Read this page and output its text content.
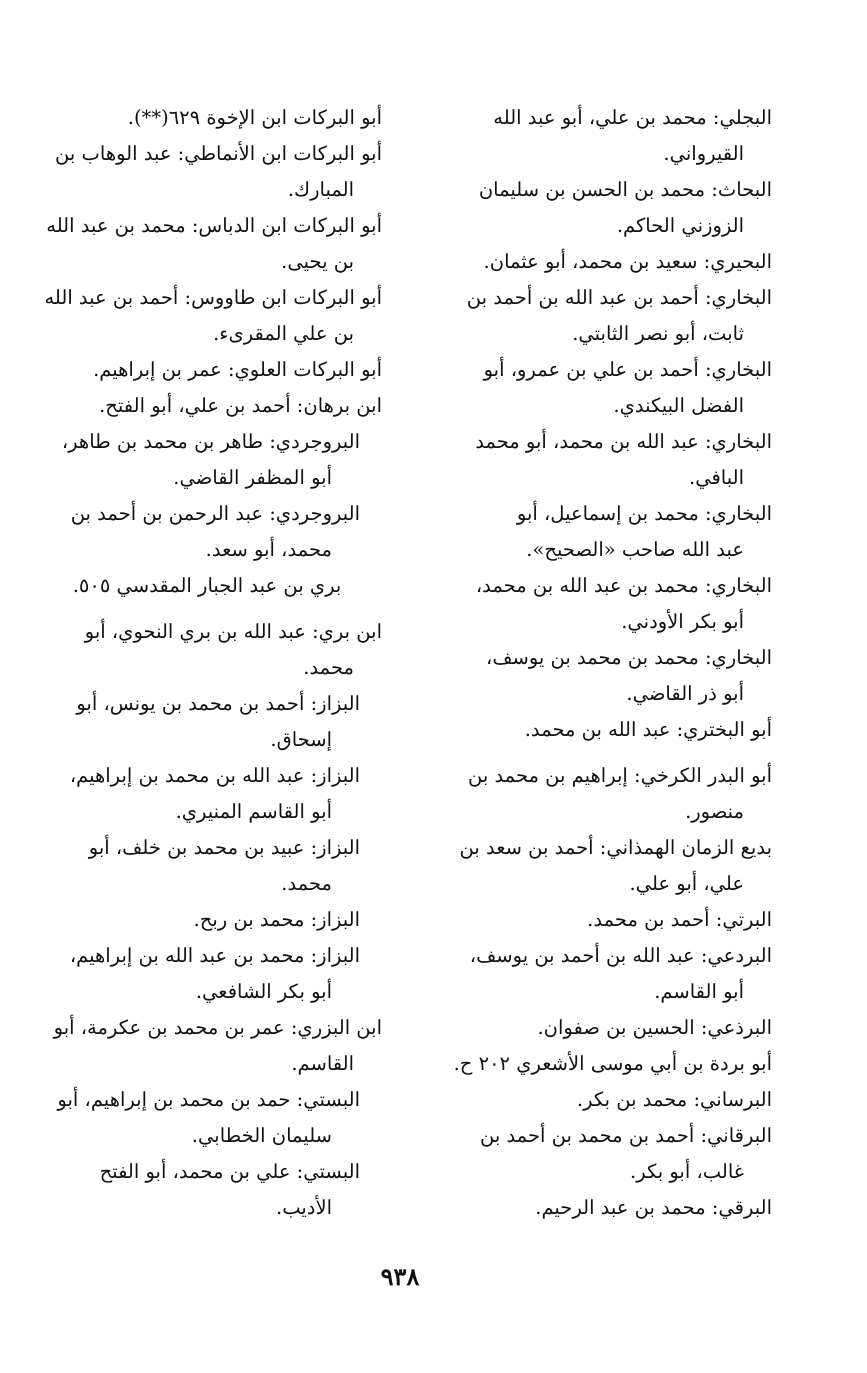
البجلي: محمد بن علي، أبو عبد الله
القيرواني.
البحاث: محمد بن الحسن بن سليمان
الزوزني الحاكم.
البحيري: سعيد بن محمد، أبو عثمان.
البخاري: أحمد بن عبد الله بن أحمد بن
ثابت، أبو نصر الثابتي.
البخاري: أحمد بن علي بن عمرو، أبو
الفضل البيكندي.
البخاري: عبد الله بن محمد، أبو محمد
البافي.
البخاري: محمد بن إسماعيل، أبو
عبد الله صاحب «الصحيح».
البخاري: محمد بن عبد الله بن محمد،
أبو بكر الأودني.
البخاري: محمد بن محمد بن يوسف،
أبو ذر القاضي.
أبو البختري: عبد الله بن محمد.
أبو البدر الكرخي: إبراهيم بن محمد بن
منصور.
بديع الزمان الهمذاني: أحمد بن سعد بن
علي، أبو علي.
البرتي: أحمد بن محمد.
البردعي: عبد الله بن أحمد بن يوسف،
أبو القاسم.
البرذعي: الحسين بن صفوان.
أبو بردة بن أبي موسى الأشعري ٢٠٢ ح.
البرساني: محمد بن بكر.
البرقاني: أحمد بن محمد بن أحمد بن
غالب، أبو بكر.
البرقي: محمد بن عبد الرحيم.
أبو البركات ابن الإخوة ٦٢٩(**).
أبو البركات ابن الأنماطي: عبد الوهاب بن
المبارك.
أبو البركات ابن الدباس: محمد بن عبد الله
بن يحيى.
أبو البركات ابن طاووس: أحمد بن عبد الله
بن علي المقرىء.
أبو البركات العلوي: عمر بن إبراهيم.
ابن برهان: أحمد بن علي، أبو الفتح.
البروجردي: طاهر بن محمد بن طاهر،
أبو المظفر القاضي.
البروجردي: عبد الرحمن بن أحمد بن
محمد، أبو سعد.
بري بن عبد الجبار المقدسي ٥٠٥.
ابن بري: عبد الله بن بري النحوي، أبو
محمد.
البزاز: أحمد بن محمد بن يونس، أبو
إسحاق.
البزاز: عبد الله بن محمد بن إبراهيم،
أبو القاسم المنيري.
البزاز: عبيد بن محمد بن خلف، أبو
محمد.
البزاز: محمد بن ربح.
البزاز: محمد بن عبد الله بن إبراهيم،
أبو بكر الشافعي.
ابن البزري: عمر بن محمد بن عكرمة، أبو
القاسم.
البستي: حمد بن محمد بن إبراهيم، أبو
سليمان الخطابي.
البستي: علي بن محمد، أبو الفتح
الأديب.
٩٣٨
